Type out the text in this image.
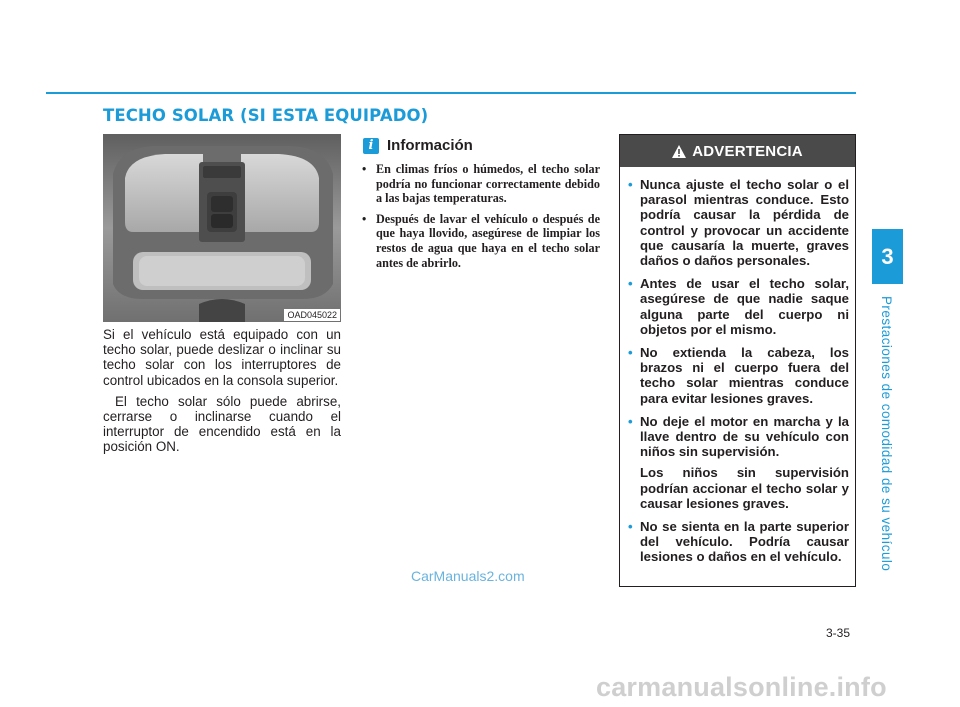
TECHO SOLAR (SI ESTA EQUIPADO)
OAD045022

Si el vehículo está equipado con un techo solar, puede deslizar o inclinar su techo solar con los interruptores de control ubicados en la consola superior.

El techo solar sólo puede abrirse, cerrarse o inclinarse cuando el interruptor de encendido está en la posición ON.

i Información
• En climas fríos o húmedos, el techo solar podría no funcionar correctamente debido a las bajas temperaturas.
• Después de lavar el vehículo o después de que haya llovido, asegúrese de limpiar los restos de agua que haya en el techo solar antes de abrirlo.
ADVERTENCIA
• Nunca ajuste el techo solar o el parasol mientras conduce. Esto podría causar la pérdida de control y provocar un accidente que causaría la muerte, graves daños o daños personales.
• Antes de usar el techo solar, asegúrese de que nadie saque alguna parte del cuerpo ni objetos por el mismo.
• No extienda la cabeza, los brazos ni el cuerpo fuera del techo solar mientras conduce para evitar lesiones graves.
• No deje el motor en marcha y la llave dentro de su vehículo con niños sin supervisión.
Los niños sin supervisión podrían accionar el techo solar y causar lesiones graves.
• No se sienta en la parte superior del vehículo. Podría causar lesiones o daños en el vehículo.
3
Prestaciones de comodidad de su vehículo
3-35
CarManuals2.com
carmanualsonline.info
